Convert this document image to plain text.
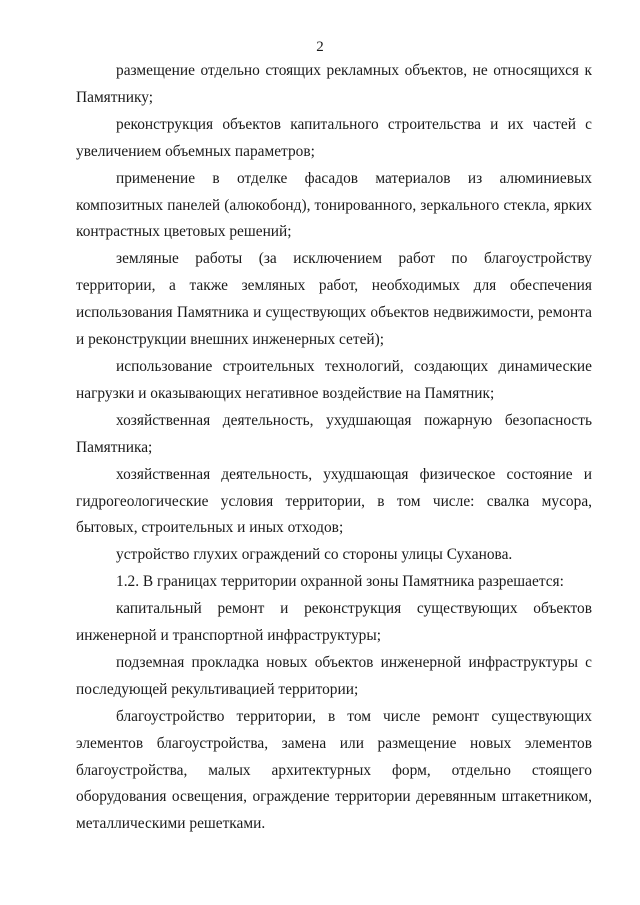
2

размещение отдельно стоящих рекламных объектов, не относящихся к Памятнику;

реконструкция объектов капитального строительства и их частей с увеличением объемных параметров;

применение в отделке фасадов материалов из алюминиевых композитных панелей (алюкобонд), тонированного, зеркального стекла, ярких контрастных цветовых решений;

земляные работы (за исключением работ по благоустройству территории, а также земляных работ, необходимых для обеспечения использования Памятника и существующих объектов недвижимости, ремонта и реконструкции внешних инженерных сетей);

использование строительных технологий, создающих динамические нагрузки и оказывающих негативное воздействие на Памятник;

хозяйственная деятельность, ухудшающая пожарную безопасность Памятника;

хозяйственная деятельность, ухудшающая физическое состояние и гидрогеологические условия территории, в том числе: свалка мусора, бытовых, строительных и иных отходов;

устройство глухих ограждений со стороны улицы Суханова.

1.2. В границах территории охранной зоны Памятника разрешается:

капитальный ремонт и реконструкция существующих объектов инженерной и транспортной инфраструктуры;

подземная прокладка новых объектов инженерной инфраструктуры с последующей рекультивацией территории;

благоустройство территории, в том числе ремонт существующих элементов благоустройства, замена или размещение новых элементов благоустройства, малых архитектурных форм, отдельно стоящего оборудования освещения, ограждение территории деревянным штакетником, металлическими решетками.
